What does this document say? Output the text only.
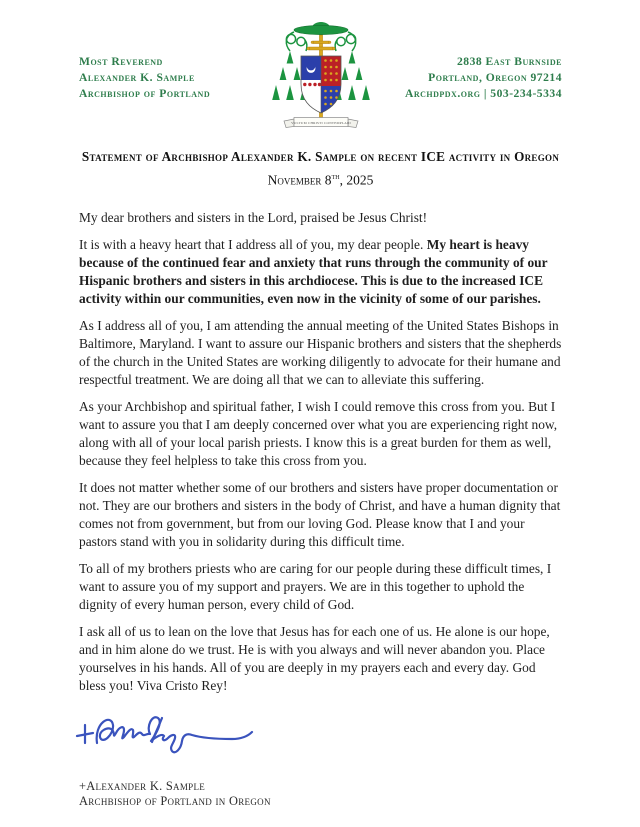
Most Reverend
Alexander K. Sample
Archbishop of Portland
VULTUM CHRISTI CONTEMPLARI
2838 East Burnside
Portland, Oregon 97214
Archdpdx.org | 503-234-5334
Statement of Archbishop Alexander K. Sample on recent ICE activity in Oregon
November 8th, 2025

My dear brothers and sisters in the Lord, praised be Jesus Christ!

It is with a heavy heart that I address all of you, my dear people. My heart is heavy because of the continued fear and anxiety that runs through the community of our Hispanic brothers and sisters in this archdiocese. This is due to the increased ICE activity within our communities, even now in the vicinity of some of our parishes.

As I address all of you, I am attending the annual meeting of the United States Bishops in Baltimore, Maryland. I want to assure our Hispanic brothers and sisters that the shepherds of the church in the United States are working diligently to advocate for their humane and respectful treatment. We are doing all that we can to alleviate this suffering.

As your Archbishop and spiritual father, I wish I could remove this cross from you. But I want to assure you that I am deeply concerned over what you are experiencing right now, along with all of your local parish priests. I know this is a great burden for them as well, because they feel helpless to take this cross from you.

It does not matter whether some of our brothers and sisters have proper documentation or not. They are our brothers and sisters in the body of Christ, and have a human dignity that comes not from government, but from our loving God. Please know that I and your pastors stand with you in solidarity during this difficult time.

To all of my brothers priests who are caring for our people during these difficult times, I want to assure you of my support and prayers. We are in this together to uphold the dignity of every human person, every child of God.

I ask all of us to lean on the love that Jesus has for each one of us. He alone is our hope, and in him alone do we trust. He is with you always and will never abandon you. Place yourselves in his hands. All of you are deeply in my prayers each and every day. God bless you! Viva Cristo Rey!

+Alexander K. Sample
Archbishop of Portland in Oregon
